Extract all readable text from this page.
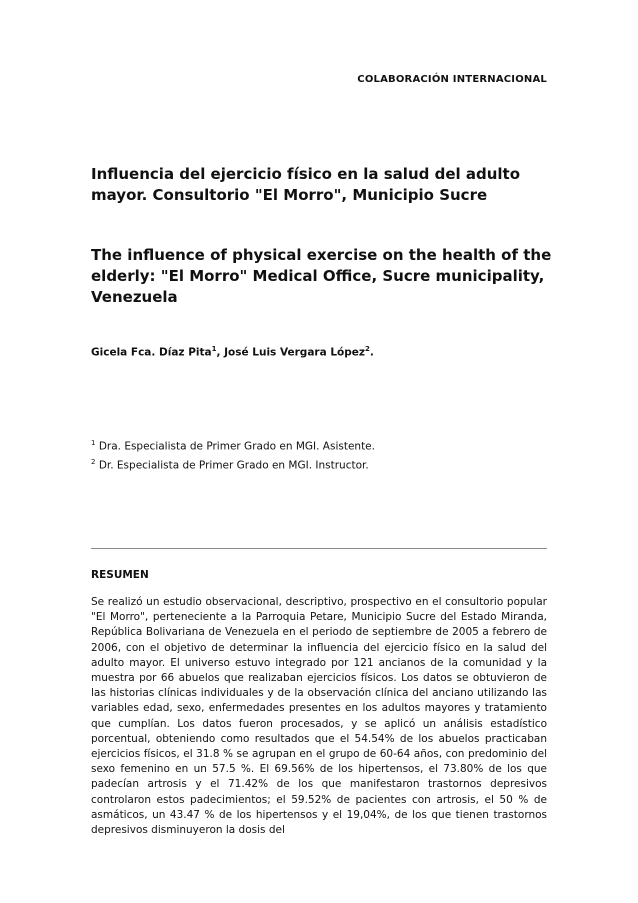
COLABORACIÓN INTERNACIONAL
Influencia del ejercicio físico en la salud del adulto mayor. Consultorio "El Morro", Municipio Sucre
The influence of physical exercise on the health of the elderly: "El Morro" Medical Office, Sucre municipality, Venezuela
Gicela Fca. Díaz Pita$^1$, José Luis Vergara López$^2$.
$^1$ Dra. Especialista de Primer Grado en MGI. Asistente.
$^2$ Dr. Especialista de Primer Grado en MGI. Instructor.
RESUMEN

Se realizó un estudio observacional, descriptivo, prospectivo en el consultorio popular "El Morro", perteneciente a la Parroquia Petare, Municipio Sucre del Estado Miranda, República Bolivariana de Venezuela en el periodo de septiembre de 2005 a febrero de 2006, con el objetivo de determinar la influencia del ejercicio físico en la salud del adulto mayor. El universo estuvo integrado por 121 ancianos de la comunidad y la muestra por 66 abuelos que realizaban ejercicios físicos. Los datos se obtuvieron de las historias clínicas individuales y de la observación clínica del anciano utilizando las variables edad, sexo, enfermedades presentes en los adultos mayores y tratamiento que cumplían. Los datos fueron procesados, y se aplicó un análisis estadístico porcentual, obteniendo como resultados que el 54.54% de los abuelos practicaban ejercicios físicos, el 31.8 % se agrupan en el grupo de 60-64 años, con predominio del sexo femenino en un 57.5 %. El 69.56% de los hipertensos, el 73.80% de los que padecían artrosis y el 71.42% de los que manifestaron trastornos depresivos controlaron estos padecimientos; el 59.52% de pacientes con artrosis, el 50 % de asmáticos, un 43.47 % de los hipertensos y el 19,04%, de los que tienen trastornos depresivos disminuyeron la dosis del
